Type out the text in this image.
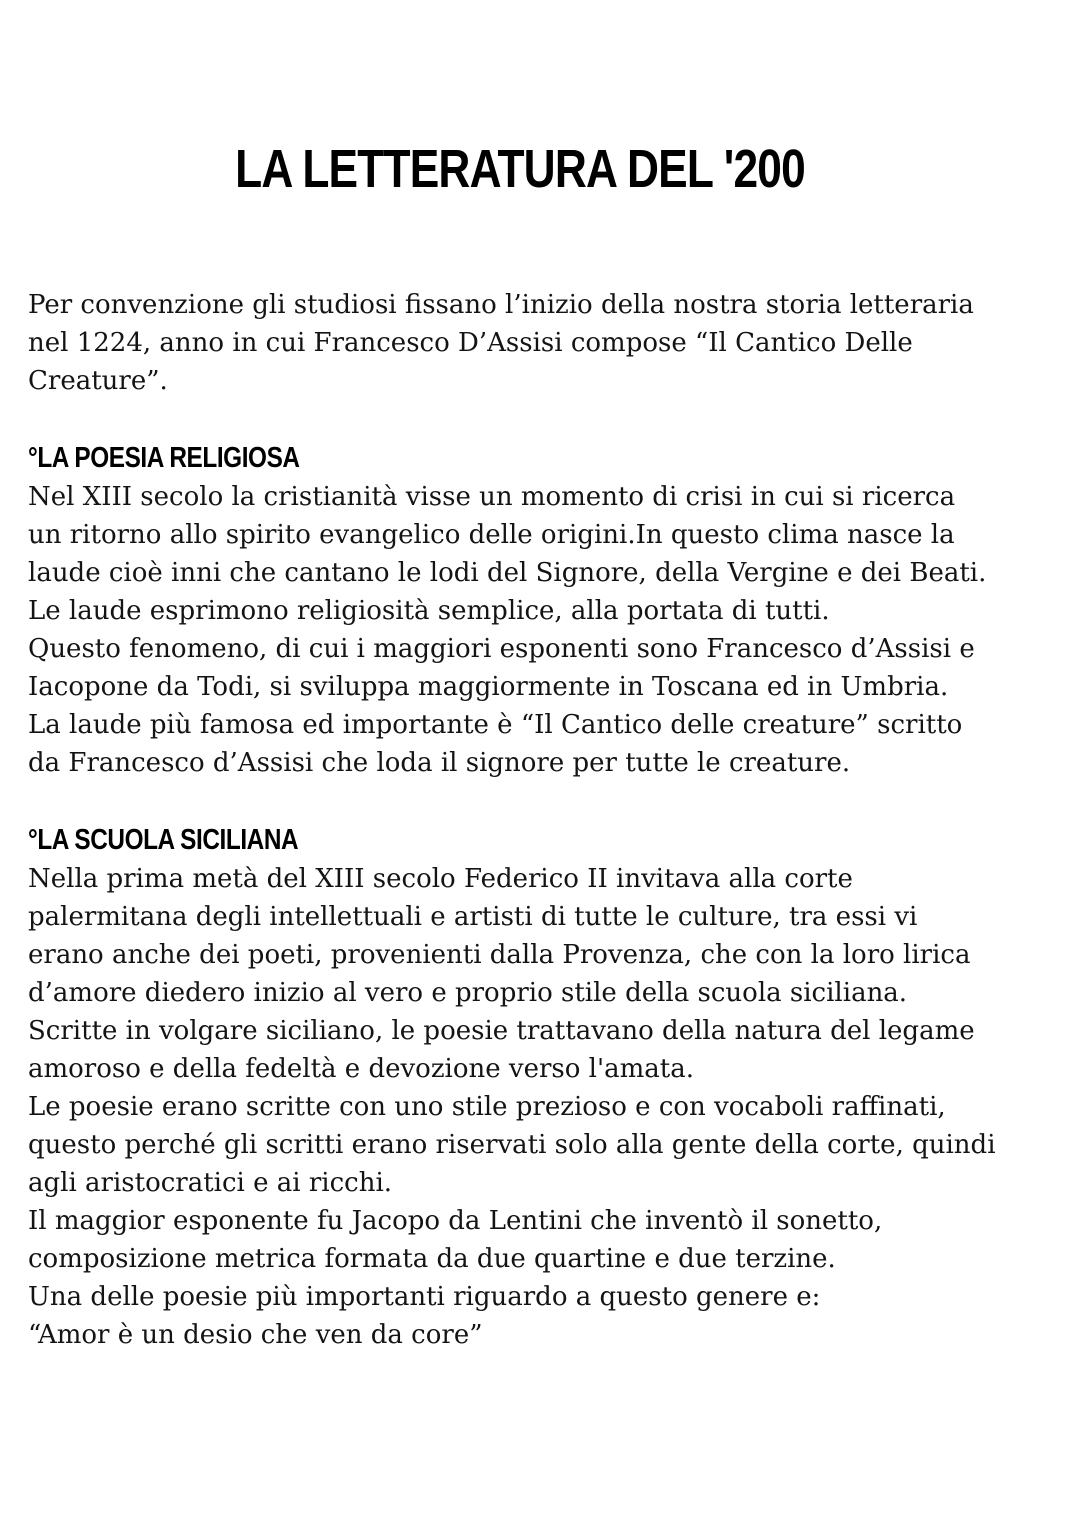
LA LETTERATURA DEL '200

Per convenzione gli studiosi fissano l’inizio della nostra storia letteraria
nel 1224, anno in cui Francesco D’Assisi compose “Il Cantico Delle
Creature”.

°LA POESIA RELIGIOSA

Nel XIII secolo la cristianità visse un momento di crisi in cui si ricerca
un ritorno allo spirito evangelico delle origini.In questo clima nasce la
laude cioè inni che cantano le lodi del Signore, della Vergine e dei Beati.
Le laude esprimono religiosità semplice, alla portata di tutti.
Questo fenomeno, di cui i maggiori esponenti sono Francesco d’Assisi e
Iacopone da Todi, si sviluppa maggiormente in Toscana ed in Umbria.
La laude più famosa ed importante è “Il Cantico delle creature” scritto
da Francesco d’Assisi che loda il signore per tutte le creature.

°LA SCUOLA SICILIANA

Nella prima metà del XIII secolo Federico II invitava alla corte
palermitana degli intellettuali e artisti di tutte le culture, tra essi vi
erano anche dei poeti, provenienti dalla Provenza, che con la loro lirica
d’amore diedero inizio al vero e proprio stile della scuola siciliana.
Scritte in volgare siciliano, le poesie trattavano della natura del legame
amoroso e della fedeltà e devozione verso l'amata.
Le poesie erano scritte con uno stile prezioso e con vocaboli raffinati,
questo perché gli scritti erano riservati solo alla gente della corte, quindi
agli aristocratici e ai ricchi.
Il maggior esponente fu Jacopo da Lentini che inventò il sonetto,
composizione metrica formata da due quartine e due terzine.
Una delle poesie più importanti riguardo a questo genere e:
“Amor è un desio che ven da core”
